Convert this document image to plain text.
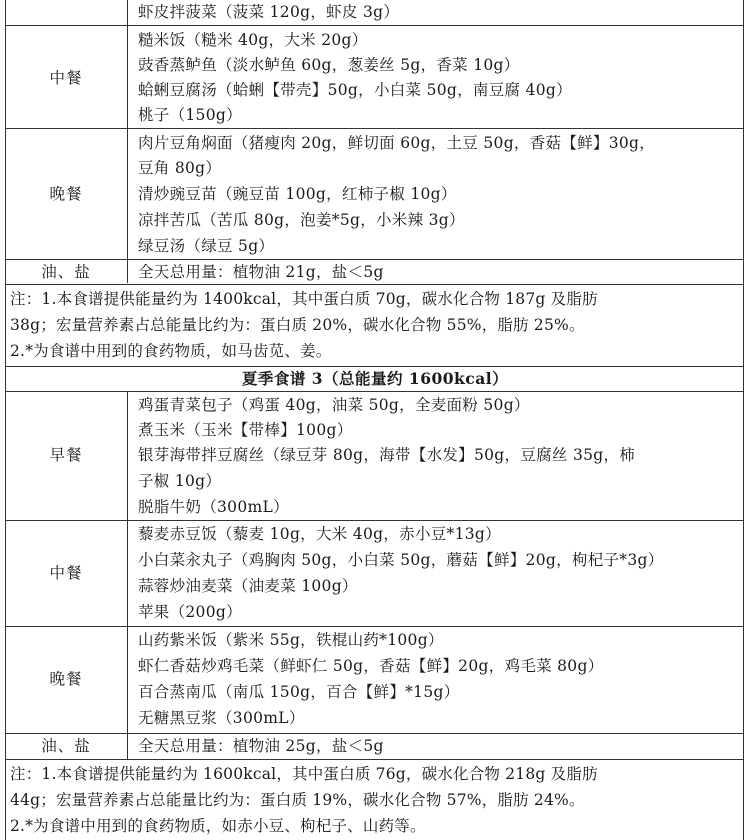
虾皮拌菠菜（菠菜 120g，虾皮 3g）
中餐
糙米饭（糙米 40g，大米 20g）
豉香蒸鲈鱼（淡水鲈鱼 60g，葱姜丝 5g，香菜 10g）
蛤蜊豆腐汤（蛤蜊【带壳】50g，小白菜 50g，南豆腐 40g）
桃子（150g）
晚餐
肉片豆角焖面（猪瘦肉 20g，鲜切面 60g，土豆 50g，香菇【鲜】30g，
豆角 80g）
清炒豌豆苗（豌豆苗 100g，红柿子椒 10g）
凉拌苦瓜（苦瓜 80g，泡姜*5g，小米辣 3g）
绿豆汤（绿豆 5g）
油、盐	全天总用量：植物油 21g，盐＜5g
注：1.本食谱提供能量约为 1400kcal，其中蛋白质 70g，碳水化合物 187g 及脂肪
38g；宏量营养素占总能量比约为：蛋白质 20%，碳水化合物 55%，脂肪 25%。
2.*为食谱中用到的食药物质，如马齿苋、姜。
夏季食谱 3（总能量约 1600kcal）
早餐
鸡蛋青菜包子（鸡蛋 40g，油菜 50g，全麦面粉 50g）
煮玉米（玉米【带棒】100g）
银芽海带拌豆腐丝（绿豆芽 80g，海带【水发】50g，豆腐丝 35g，柿
子椒 10g）
脱脂牛奶（300mL）
中餐
藜麦赤豆饭（藜麦 10g，大米 40g，赤小豆*13g）
小白菜汆丸子（鸡胸肉 50g，小白菜 50g，蘑菇【鲜】20g，枸杞子*3g）
蒜蓉炒油麦菜（油麦菜 100g）
苹果（200g）
晚餐
山药紫米饭（紫米 55g，铁棍山药*100g）
虾仁香菇炒鸡毛菜（鲜虾仁 50g，香菇【鲜】20g，鸡毛菜 80g）
百合蒸南瓜（南瓜 150g，百合【鲜】*15g）
无糖黑豆浆（300mL）
油、盐	全天总用量：植物油 25g，盐＜5g
注：1.本食谱提供能量约为 1600kcal，其中蛋白质 76g，碳水化合物 218g 及脂肪
44g；宏量营养素占总能量比约为：蛋白质 19%，碳水化合物 57%，脂肪 24%。
2.*为食谱中用到的食药物质，如赤小豆、枸杞子、山药等。
